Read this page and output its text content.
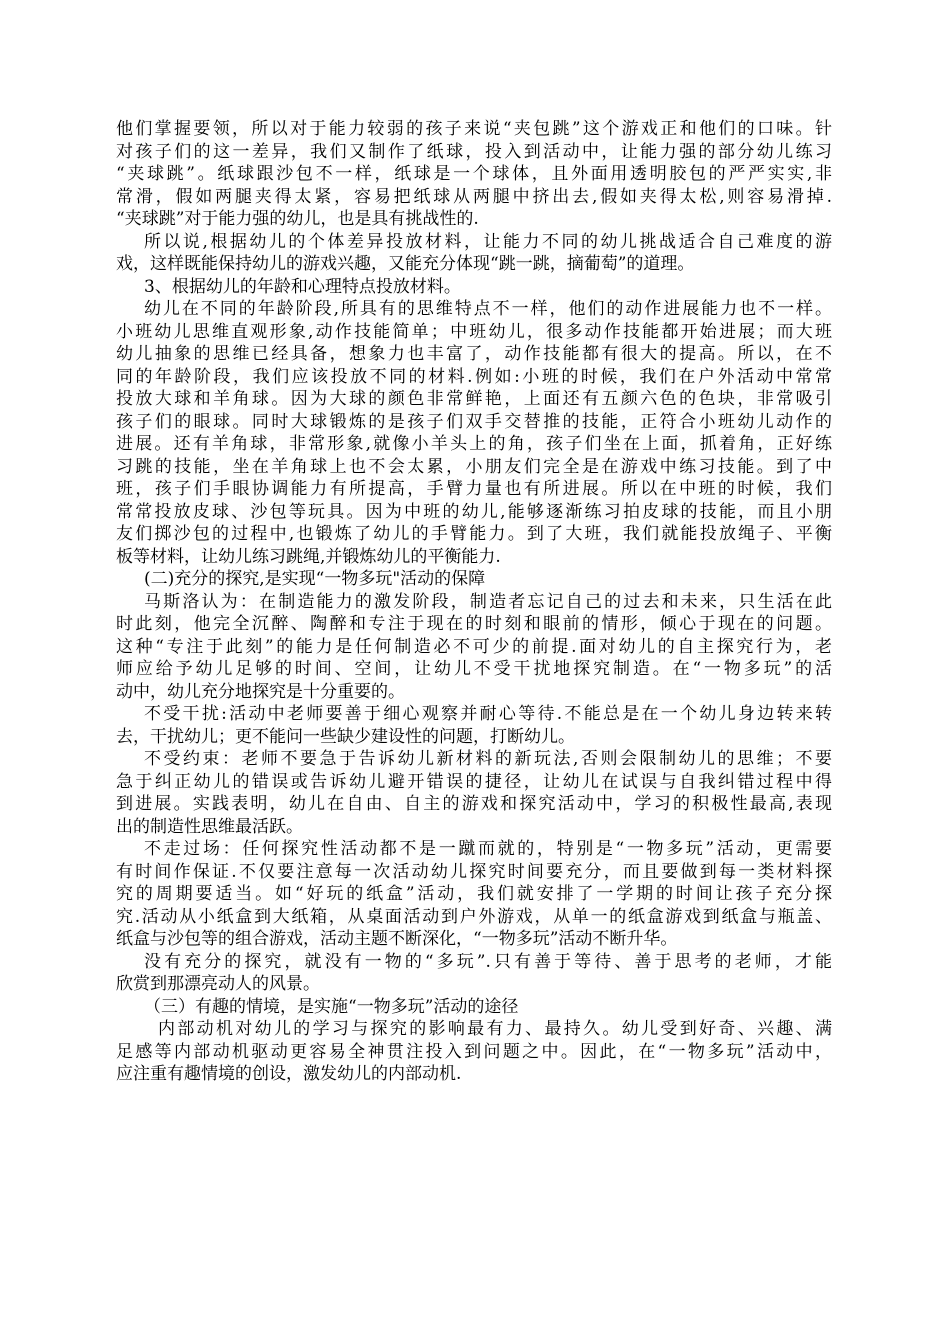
他们掌握要领，所以对于能力较弱的孩子来说“夹包跳”这个游戏正和他们的口味。针
对孩子们的这一差异，我们又制作了纸球，投入到活动中，让能力强的部分幼儿练习
“夹球跳”。纸球跟沙包不一样，纸球是一个球体，且外面用透明胶包的严严实实,非
常滑，假如两腿夹得太紧，容易把纸球从两腿中挤出去,假如夹得太松,则容易滑掉.
“夹球跳”对于能力强的幼儿，也是具有挑战性的.
所以说,根据幼儿的个体差异投放材料，让能力不同的幼儿挑战适合自己难度的游
戏，这样既能保持幼儿的游戏兴趣，又能充分体现“跳一跳，摘葡萄”的道理。
3、根据幼儿的年龄和心理特点投放材料。
幼儿在不同的年龄阶段,所具有的思维特点不一样，他们的动作进展能力也不一样。
小班幼儿思维直观形象,动作技能简单；中班幼儿，很多动作技能都开始进展；而大班
幼儿抽象的思维已经具备，想象力也丰富了，动作技能都有很大的提高。所以，在不
同的年龄阶段，我们应该投放不同的材料.例如:小班的时候，我们在户外活动中常常
投放大球和羊角球。因为大球的颜色非常鲜艳，上面还有五颜六色的色块，非常吸引
孩子们的眼球。同时大球锻炼的是孩子们双手交替推的技能，正符合小班幼儿动作的
进展。还有羊角球，非常形象,就像小羊头上的角，孩子们坐在上面，抓着角，正好练
习跳的技能，坐在羊角球上也不会太累，小朋友们完全是在游戏中练习技能。到了中
班，孩子们手眼协调能力有所提高，手臂力量也有所进展。所以在中班的时候，我们
常常投放皮球、沙包等玩具。因为中班的幼儿,能够逐渐练习拍皮球的技能，而且小朋
友们掷沙包的过程中,也锻炼了幼儿的手臂能力。到了大班，我们就能投放绳子、平衡
板等材料，让幼儿练习跳绳,并锻炼幼儿的平衡能力.
(二)充分的探究,是实现“一物多玩"活动的保障
马斯洛认为：在制造能力的激发阶段，制造者忘记自己的过去和未来，只生活在此
时此刻，他完全沉醉、陶醉和专注于现在的时刻和眼前的情形，倾心于现在的问题。
这种“专注于此刻”的能力是任何制造必不可少的前提.面对幼儿的自主探究行为，老
师应给予幼儿足够的时间、空间，让幼儿不受干扰地探究制造。在“一物多玩”的活
动中，幼儿充分地探究是十分重要的。
不受干扰:活动中老师要善于细心观察并耐心等待.不能总是在一个幼儿身边转来转
去，干扰幼儿；更不能问一些缺少建设性的问题，打断幼儿。
不受约束：老师不要急于告诉幼儿新材料的新玩法,否则会限制幼儿的思维；不要
急于纠正幼儿的错误或告诉幼儿避开错误的捷径，让幼儿在试误与自我纠错过程中得
到进展。实践表明，幼儿在自由、自主的游戏和探究活动中，学习的积极性最高,表现
出的制造性思维最活跃。
不走过场：任何探究性活动都不是一蹴而就的，特别是“一物多玩”活动，更需要
有时间作保证.不仅要注意每一次活动幼儿探究时间要充分，而且要做到每一类材料探
究的周期要适当。如“好玩的纸盒”活动，我们就安排了一学期的时间让孩子充分探
究.活动从小纸盒到大纸箱，从桌面活动到户外游戏，从单一的纸盒游戏到纸盒与瓶盖、
纸盒与沙包等的组合游戏，活动主题不断深化，“一物多玩”活动不断升华。
没有充分的探究，就没有一物的“多玩”.只有善于等待、善于思考的老师，才能
欣赏到那漂亮动人的风景。
（三）有趣的情境，是实施“一物多玩”活动的途径
内部动机对幼儿的学习与探究的影响最有力、最持久。幼儿受到好奇、兴趣、满
足感等内部动机驱动更容易全神贯注投入到问题之中。因此，在“一物多玩”活动中，
应注重有趣情境的创设，激发幼儿的内部动机.
